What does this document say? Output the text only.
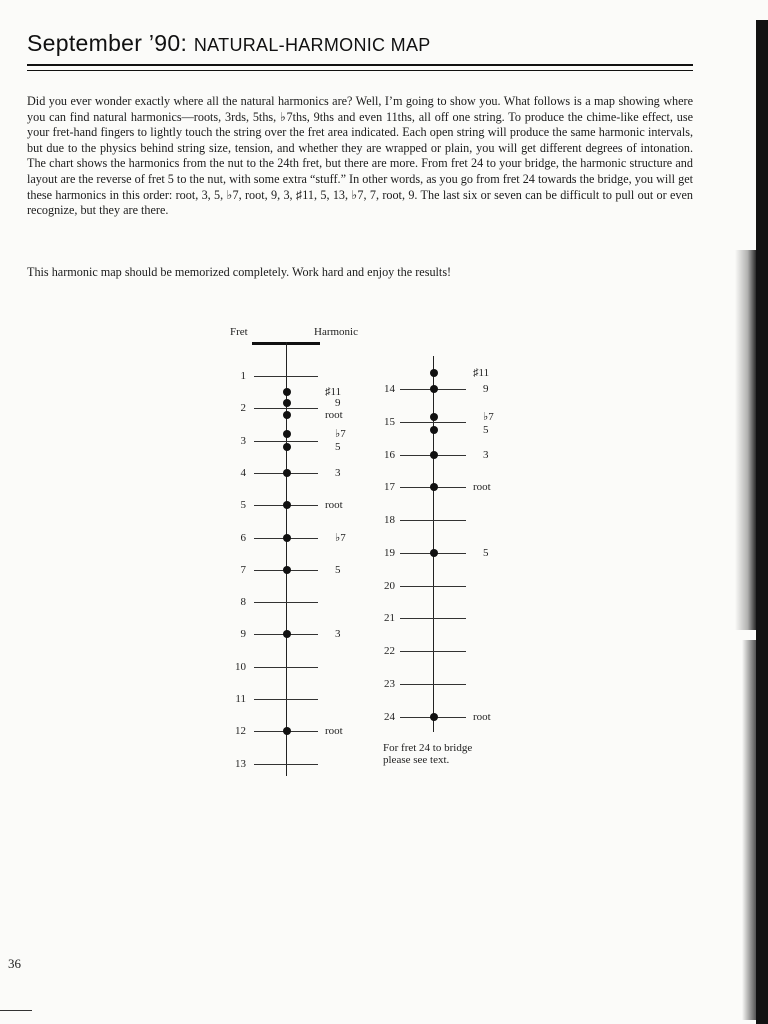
September ’90: NATURAL-HARMONIC MAP

Did you ever wonder exactly where all the natural harmonics are? Well, I’m going to show you. What follows is a map showing where you can find natural harmonics—roots, 3rds, 5ths, ♭7ths, 9ths and even 11ths, all off one string. To produce the chime-like effect, use your fret-hand fingers to lightly touch the string over the fret area indicated. Each open string will produce the same harmonic intervals, but due to the physics behind string size, tension, and whether they are wrapped or plain, you will get different degrees of intonation. The chart shows the harmonics from the nut to the 24th fret, but there are more. From fret 24 to your bridge, the harmonic structure and layout are the reverse of fret 5 to the nut, with some extra “stuff.” In other words, as you go from fret 24 towards the bridge, you will get these harmonics in this order: root, 3, 5, ♭7, root, 9, 3, ♯11, 5, 13, ♭7, 7, root, 9. The last six or seven can be difficult to pull out or even recognize, but they are there.

This harmonic map should be memorized completely. Work hard and enjoy the results!

Fret	Harmonic
1
2
3
4
5
6
7
8
9
10
11
12
13
♯11
9
root
♭7
5
3
root
♭7
5
3
root
14
15
16
17
18
19
20
21
22
23
24
♯11
9
♭7
5
3
root
5
root

For fret 24 to bridge
please see text.

36
